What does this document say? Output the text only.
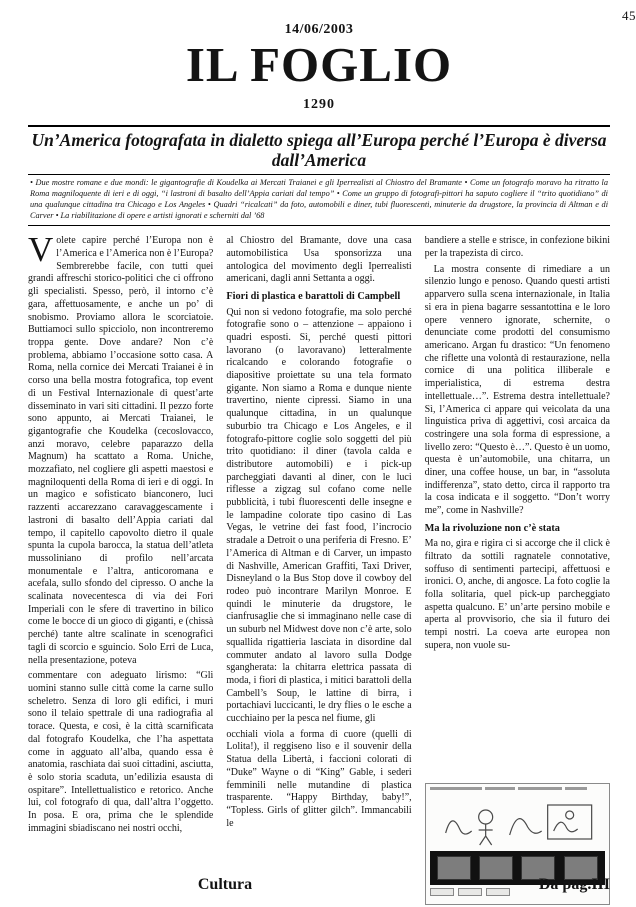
45
14/06/2003
IL FOGLIO
1290
Un’America fotografata in dialetto spiega all’Europa perché l’Europa è diversa dall’America

• Due mostre romane e due mondi: le gigantografie di Koudelka ai Mercati Traianei e gli Iperrealisti al Chiostro del Bramante • Come un fotografo moravo ha ritratto la Roma magniloquente di ieri e di oggi, “i lastroni di basalto dell’Appia cariati dal tempo” • Come un gruppo di fotografi-pittori ha saputo cogliere il “trito quotidiano” di una qualunque cittadina tra Chicago e Los Angeles • Quadri “ricalcati” da foto, automobili e diner, tubi fluorescenti, minuterie da drugstore, la provincia di Altman e di Carver • La riabilitazione di opere e artisti ignorati e scherniti dal ’68

Volete capire perché l’Europa non è l’America e l’America non è l’Europa? Sembrerebbe facile, con tutti quei grandi affreschi storico-politici che ci offrono gli specialisti. Spesso, però, il intorno c’è gara, affettuosamente, e anche un po’ di snobismo. Proviamo allora le scorciatoie. Buttiamoci sullo spicciolo, non incontreremo troppa gente. Dove andare? Non c’è problema, abbiamo l’occasione sotto casa. A Roma, nella cornice dei Mercati Traianei è in corso una bella mostra fotografica, top event di un Festival Internazionale di quest’arte disseminato in vari siti cittadini. Il pezzo forte sono appunto, ai Mercati Traianei, le gigantografie che Koudelka (cecoslovacco, anzi moravo, celebre paparazzo della Magnum) ha scattato a Roma. Uniche, mozzafiato, nel cogliere gli aspetti maestosi e magniloquenti della Roma di ieri e di oggi. In un magico e sofisticato bianconero, luci razzenti accarezzano caravaggescamente i lastroni di basalto dell’Appia cariati dal tempo, il capitello capovolto dietro il quale spunta la cupola barocca, la statua dell’atleta mussoliniano di profilo nell’arcata monumentale e l’altra, anticoromana e acefala, sullo sfondo del cipresso. O anche la scalinata novecentesca di via dei Fori Imperiali con le sfere di travertino in bilico come le bocce di un gioco di giganti, e (chissà perché) tante altre scalinate in scenografici tagli di scorcio e sguincio. Solo Erri de Luca, nella presentazione, poteva

commentare con adeguato lirismo: “Gli uomini stanno sulle città come la carne sullo scheletro. Senza di loro gli edifici, i muri sono il telaio spettrale di una radiografia al torace. Questa, e così, è la città scarnificata dal fotografo Koudelka, che l’ha aspettata come in agguato all’alba, quando essa è anatomia, raschiata dai suoi cittadini, asciutta, è solo storia scaduta, un’edilizia esausta di ospitare”. Intellettualistico e retorico. Anche lui, col fotografo di qua, dall’altra l’oggetto. In posa. E ora, prima che le splendide immagini sbiadiscano nei nostri occhi,

al Chiostro del Bramante, dove una casa automobilistica Usa sponsorizza una antologica del movimento degli Iperrealisti americani, dagli anni Settanta a oggi.

Fiori di plastica e barattoli di Campbell

Qui non si vedono fotografie, ma solo perché fotografie sono o – attenzione – appaiono i quadri esposti. Sì, perché questi pittori lavorano (o lavoravano) letteralmente ricalcando e colorando fotografie o diapositive proiettate su una tela formato gigante. Non siamo a Roma e dunque niente travertino, niente cipressi. Siamo in una qualunque cittadina, in un qualunque suburbio tra Chicago e Los Angeles, e il fotografo-pittore coglie solo soggetti del più trito quotidiano: il diner (tavola calda e distributore automobili) e i pick-up parcheggiati davanti al diner, con le luci riflesse a zigzag sul cofano come nelle pubblicità, i tubi fluorescenti delle insegne e le lampadine colorate tipo casino di Las Vegas, le vetrine dei fast food, l’incrocio stradale a Detroit o una periferia di Fresno. E’ l’America di Altman e di Carver, un impasto di Nashville, American Graffiti, Taxi Driver, Disneyland o la Bus Stop dove il cowboy del rodeo può incontrare Marilyn Monroe. E quindi le minuterie da drugstore, le cianfrusaglie che si immaginano nelle case di un suburb nel Midwest dove non c’è arte, solo squallida rigattieria lasciata in disordine dal commuter andato al lavoro sulla Dodge sgangherata: la chitarra elettrica passata di moda, i fiori di plastica, i mitici barattoli della Cambell’s Soup, le lattine di birra, i portachiavi luccicanti, le dry flies o le esche a cucchiaino per la pesca nel fiume, gli

occhiali viola a forma di cuore (quelli di Lolita!), il reggiseno liso e il souvenir della Statua della Libertà, i faccioni colorati di “Duke” Wayne o di “King” Gable, i sederi femminili nelle mutandine di plastica trasparente. “Happy Birthday, baby!”, “Topless. Girls of glitter gilch”. Immancabili le

bandiere a stelle e strisce, in confezione bikini per la trapezista di circo.

La mostra consente di rimediare a un silenzio lungo e penoso. Quando questi artisti apparvero sulla scena internazionale, in Italia si era in piena bagarre sessantottina e le loro opere vennero ignorate, schernite, o denunciate come prodotti del consumismo americano. Argan fu drastico: “Un fenomeno che riflette una volontà di restaurazione, nella cornice di una politica illiberale e imperialistica, di estrema destra intellettuale…”. Estrema destra intellettuale? Sì, l’America ci appare qui veicolata da una linguistica priva di aggettivi, così arcaica da costringere una sola forma di espressione, a livello zero: “Questo è…”. Questo è un uomo, questa è un’automobile, una chitarra, un diner, una coffee house, un bar, in “assoluta indifferenza”, stato detto, circa il rapporto tra la cosa indicata e il soggetto. “Don’t worry me”, come in Nashville?

Ma la rivoluzione non c’è stata

Ma no, gira e rigira ci si accorge che il click è filtrato da sottili ragnatele connotative, soffuso di sentimenti partecipi, affettuosi e ironici. O, anche, di angosce. La foto coglie la folla solitaria, quel pick-up parcheggiato aspetta qualcuno. E’ un’arte persino mobile e aperta al provvisorio, che sia il futuro dei tempi nostri. La coeva arte europea non supera, non vuole su-

Cultura	Da pag.III
